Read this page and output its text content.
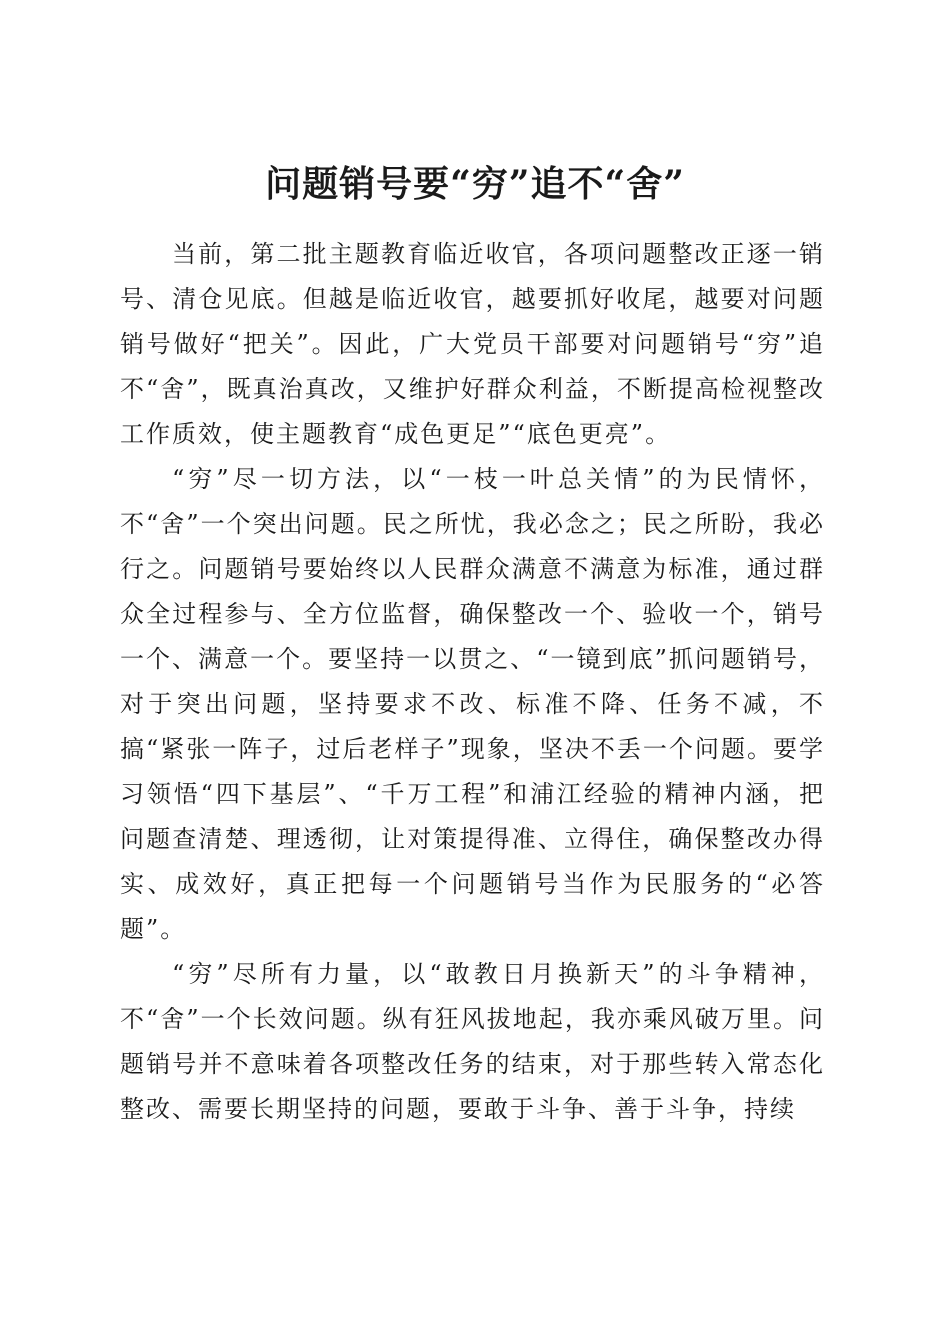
问题销号要“穷”追不“舍”

当前，第二批主题教育临近收官，各项问题整改正逐一销号、清仓见底。但越是临近收官，越要抓好收尾，越要对问题销号做好“把关”。因此，广大党员干部要对问题销号“穷”追不“舍”，既真治真改，又维护好群众利益，不断提高检视整改工作质效，使主题教育“成色更足”“底色更亮”。

“穷”尽一切方法，以“一枝一叶总关情”的为民情怀，不“舍”一个突出问题。民之所忧，我必念之；民之所盼，我必行之。问题销号要始终以人民群众满意不满意为标准，通过群众全过程参与、全方位监督，确保整改一个、验收一个，销号一个、满意一个。要坚持一以贯之、“一镜到底”抓问题销号，对于突出问题，坚持要求不改、标准不降、任务不减，不搞“紧张一阵子，过后老样子”现象，坚决不丢一个问题。要学习领悟“四下基层”、“千万工程”和浦江经验的精神内涵，把问题查清楚、理透彻，让对策提得准、立得住，确保整改办得实、成效好，真正把每一个问题销号当作为民服务的“必答题”。

“穷”尽所有力量，以“敢教日月换新天”的斗争精神，不“舍”一个长效问题。纵有狂风拔地起，我亦乘风破万里。问题销号并不意味着各项整改任务的结束，对于那些转入常态化整改、需要长期坚持的问题，要敢于斗争、善于斗争，持续
